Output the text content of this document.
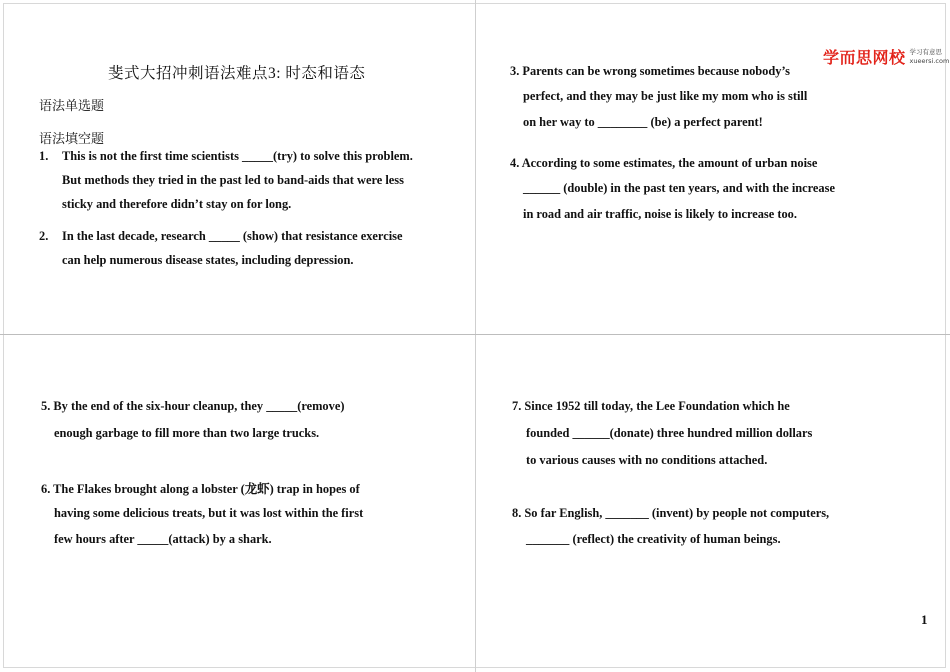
斐式大招冲刺语法难点3: 时态和语态
语法单选题
语法填空题
1. This is not the first time scientists _____(try) to solve this problem.
But methods they tried in the past led to band-aids that were less
sticky and therefore didn’t stay on for long.
2. In the last decade, research _____ (show) that resistance exercise
can help numerous disease states, including depression.
学而思网校 学习有意思
xueersi.com
3. Parents can be wrong sometimes because nobody’s
perfect, and they may be just like my mom who is still
on her way to ________ (be) a perfect parent!
4. According to some estimates, the amount of urban noise
______ (double) in the past ten years, and with the increase
in road and air traffic, noise is likely to increase too.
5. By the end of the six-hour cleanup, they _____(remove)
enough garbage to fill more than two large trucks.
6. The Flakes brought along a lobster (龙虾) trap in hopes of
having some delicious treats, but it was lost within the first
few hours after _____(attack) by a shark.
7. Since 1952 till today, the Lee Foundation which he
founded ______(donate) three hundred million dollars
to various causes with no conditions attached.
8. So far English, _______ (invent) by people not computers,
_______ (reflect) the creativity of human beings.
1
